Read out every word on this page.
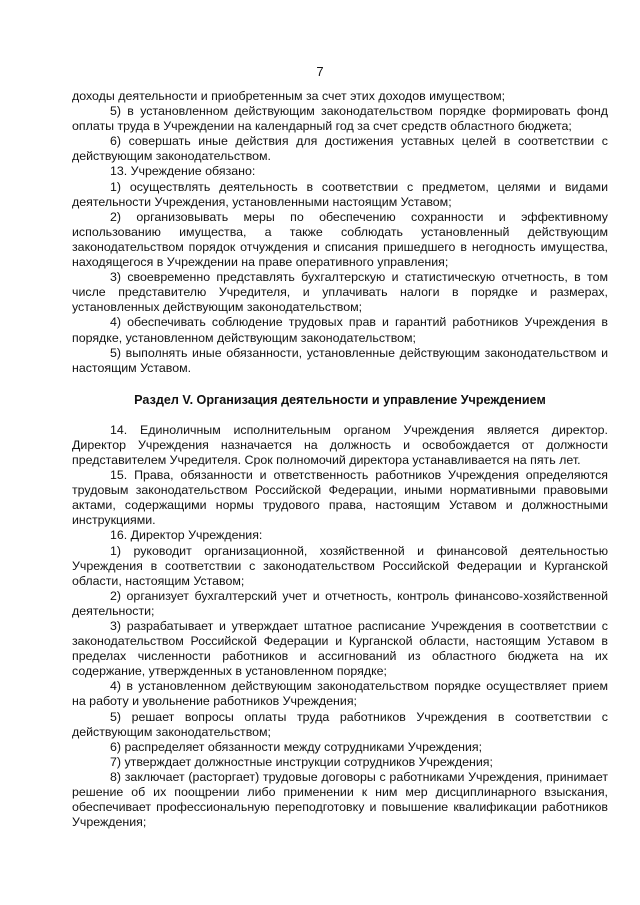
7

доходы деятельности и приобретенным за счет этих доходов имуществом;

5) в установленном действующим законодательством порядке формировать фонд оплаты труда в Учреждении на календарный год за счет средств областного бюджета;

6) совершать иные действия для достижения уставных целей в соответствии с действующим законодательством.

13. Учреждение обязано:

1) осуществлять деятельность в соответствии с предметом, целями и видами деятельности Учреждения, установленными настоящим Уставом;

2) организовывать меры по обеспечению сохранности и эффективному использованию имущества, а также соблюдать установленный действующим законодательством порядок отчуждения и списания пришедшего в негодность имущества, находящегося в Учреждении на праве оперативного управления;

3) своевременно представлять бухгалтерскую и статистическую отчетность, в том числе представителю Учредителя, и уплачивать налоги в порядке и размерах, установленных действующим законодательством;

4) обеспечивать соблюдение трудовых прав и гарантий работников Учреждения в порядке, установленном действующим законодательством;

5) выполнять иные обязанности, установленные действующим законодательством и настоящим Уставом.

Раздел V. Организация деятельности и управление Учреждением

14. Единоличным исполнительным органом Учреждения является директор. Директор Учреждения назначается на должность и освобождается от должности представителем Учредителя. Срок полномочий директора устанавливается на пять лет.

15. Права, обязанности и ответственность работников Учреждения определяются трудовым законодательством Российской Федерации, иными нормативными правовыми актами, содержащими нормы трудового права, настоящим Уставом и должностными инструкциями.

16. Директор Учреждения:

1) руководит организационной, хозяйственной и финансовой деятельностью Учреждения в соответствии с законодательством Российской Федерации и Курганской области, настоящим Уставом;

2) организует бухгалтерский учет и отчетность, контроль финансово-хозяйственной деятельности;

3) разрабатывает и утверждает штатное расписание Учреждения в соответствии с законодательством Российской Федерации и Курганской области, настоящим Уставом в пределах численности работников и ассигнований из областного бюджета на их содержание, утвержденных в установленном порядке;

4) в установленном действующим законодательством порядке осуществляет прием на работу и увольнение работников Учреждения;

5) решает вопросы оплаты труда работников Учреждения в соответствии с действующим законодательством;

6) распределяет обязанности между сотрудниками Учреждения;

7) утверждает должностные инструкции сотрудников Учреждения;

8) заключает (расторгает) трудовые договоры с работниками Учреждения, принимает решение об их поощрении либо применении к ним мер дисциплинарного взыскания, обеспечивает профессиональную переподготовку и повышение квалификации работников Учреждения;
